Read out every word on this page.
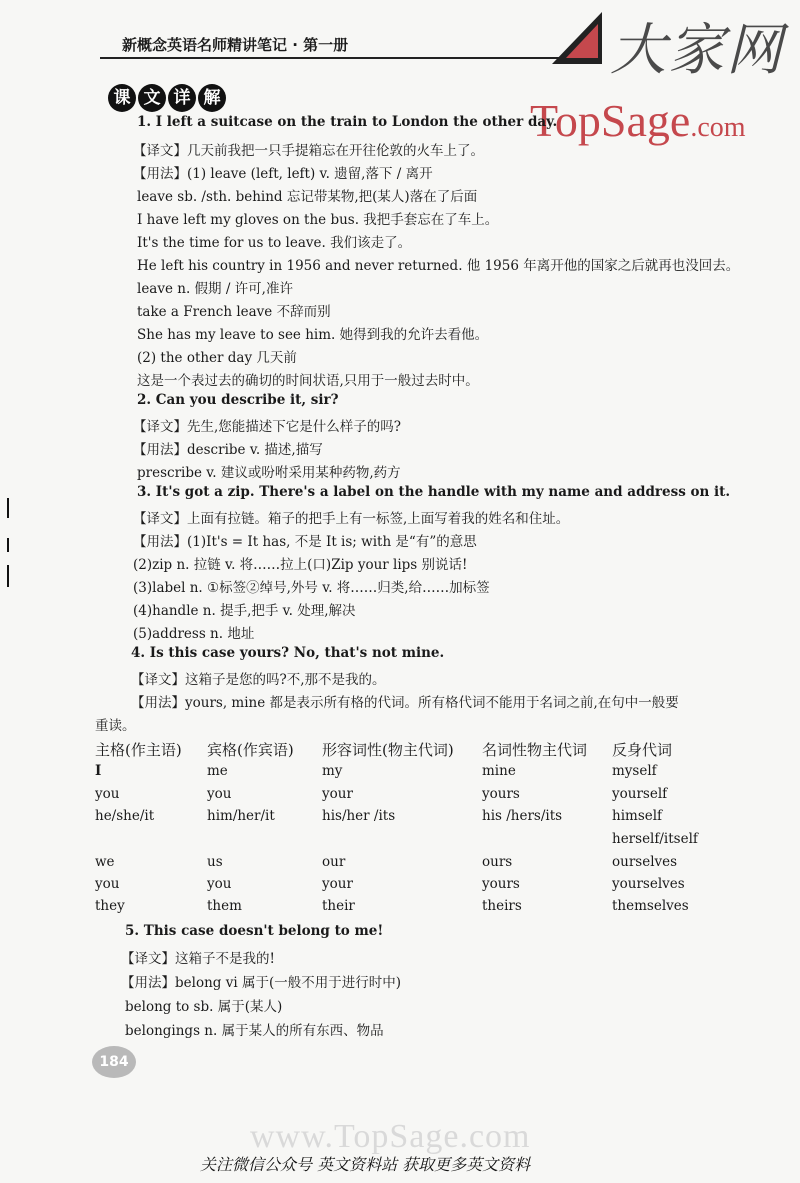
新概念英语名师精讲笔记 · 第一册	大家网
TopSage.com
课 文 详 解
1. I left a suitcase on the train to London the other day.
【译文】几天前我把一只手提箱忘在开往伦敦的火车上了。
【用法】(1) leave (left, left) v. 遗留,落下 / 离开
leave sb. /sth. behind 忘记带某物,把(某人)落在了后面
I have left my gloves on the bus. 我把手套忘在了车上。
It's the time for us to leave. 我们该走了。
He left his country in 1956 and never returned. 他 1956 年离开他的国家之后就再也没回去。
leave n. 假期 / 许可,准许
take a French leave 不辞而别
She has my leave to see him. 她得到我的允许去看他。
(2) the other day 几天前
这是一个表过去的确切的时间状语,只用于一般过去时中。
2. Can you describe it, sir?
【译文】先生,您能描述下它是什么样子的吗?
【用法】describe v. 描述,描写
prescribe v. 建议或吩咐采用某种药物,药方
3. It's got a zip. There's a label on the handle with my name and address on it.
【译文】上面有拉链。箱子的把手上有一标签,上面写着我的姓名和住址。
【用法】(1)It's = It has, 不是 It is; with 是“有”的意思
(2)zip n. 拉链 v. 将……拉上(口)Zip your lips 别说话!
(3)label n. ①标签②绰号,外号 v. 将……归类,给……加标签
(4)handle n. 提手,把手 v. 处理,解决
(5)address n. 地址
4. Is this case yours? No, that's not mine.
【译文】这箱子是您的吗?不,那不是我的。
【用法】yours, mine 都是表示所有格的代词。所有格代词不能用于名词之前,在句中一般要
重读。
主格(作主语) 宾格(作宾语) 形容词性(物主代词) 名词性物主代词 反身代词
I	me	my	mine	myself
you	you	your	yours	yourself
he/she/it	him/her/it	his/her /its	his /hers/its	himself
herself/itself
we	us	our	ours	ourselves
you	you	your	yours	yourselves
they	them	their	theirs	themselves
5. This case doesn't belong to me!
【译文】这箱子不是我的!
【用法】belong vi 属于(一般不用于进行时中)
belong to sb. 属于(某人)
belongings n. 属于某人的所有东西、物品
184
www.TopSage.com
关注微信公众号 英文资料站 获取更多英文资料
